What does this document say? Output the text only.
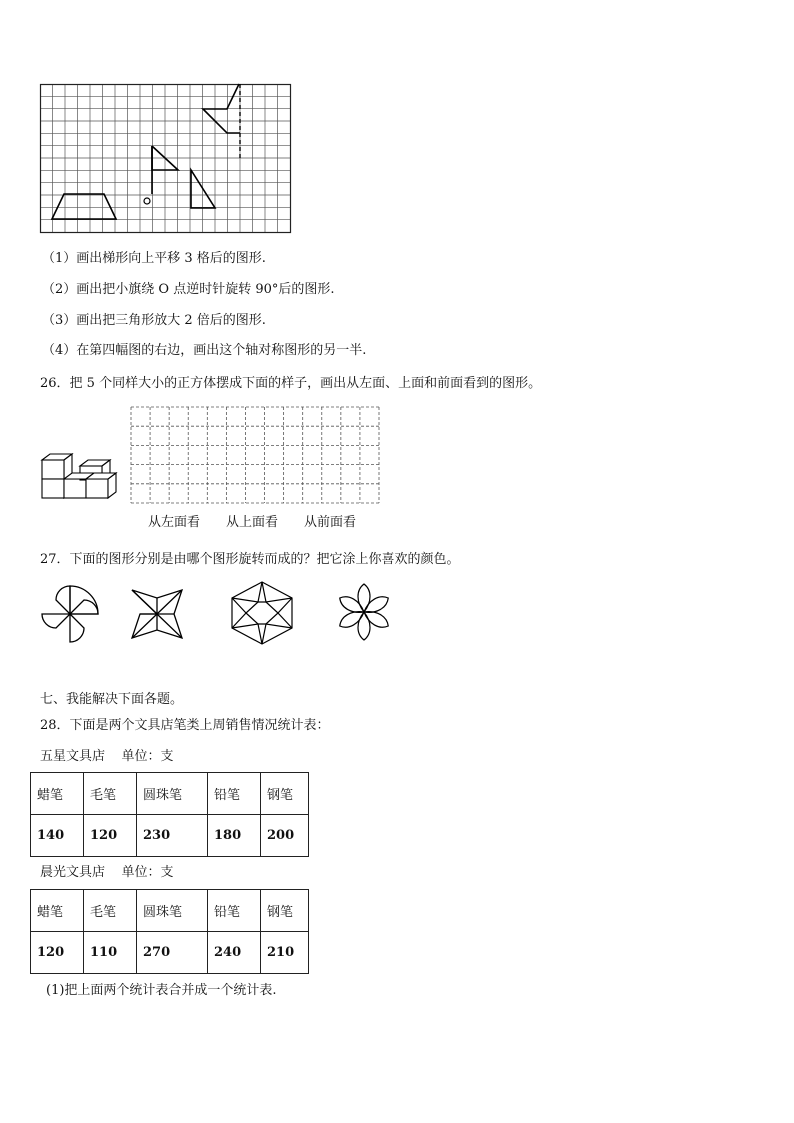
（1）画出梯形向上平移 3 格后的图形.
（2）画出把小旗绕 O 点逆时针旋转 90°后的图形.
（3）画出把三角形放大 2 倍后的图形.
（4）在第四幅图的右边，画出这个轴对称图形的另一半.
26．把 5 个同样大小的正方体摆成下面的样子，画出从左面、上面和前面看到的图形。
从左面看 从上面看 从前面看
27．下面的图形分别是由哪个图形旋转而成的？把它涂上你喜欢的颜色。
七、我能解决下面各题。
28．下面是两个文具店笔类上周销售情况统计表：
五星文具店    单位：支
蜡笔	毛笔	圆珠笔	铅笔	钢笔
140	120	230	180	200
晨光文具店    单位：支
蜡笔	毛笔	圆珠笔	铅笔	钢笔
120	110	270	240	210
(1)把上面两个统计表合并成一个统计表.
